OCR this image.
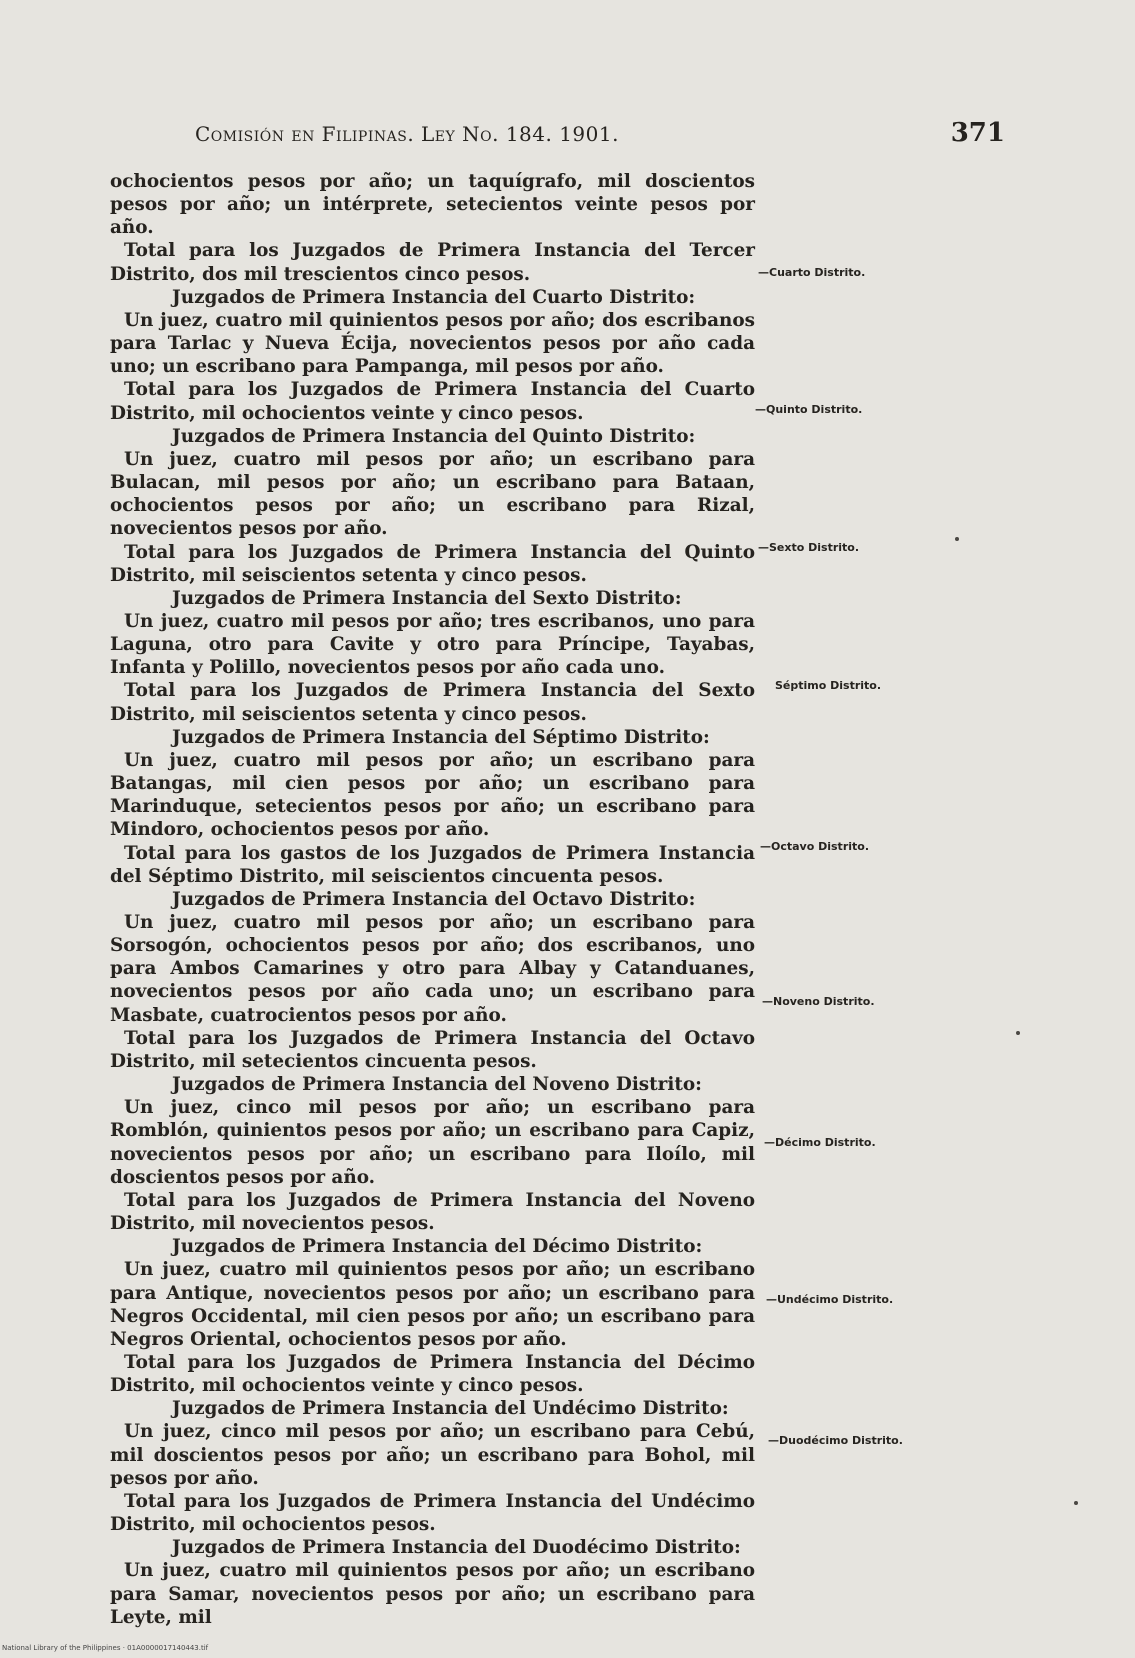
Comisión en Filipinas. Ley No. 184. 1901.	371

ochocientos pesos por año; un taquígrafo, mil doscientos pesos por año; un intérprete, setecientos veinte pesos por año.

Total para los Juzgados de Primera Instancia del Tercer Distrito, dos mil trescientos cinco pesos.

Juzgados de Primera Instancia del Cuarto Distrito:

Un juez, cuatro mil quinientos pesos por año; dos escribanos para Tarlac y Nueva Écija, novecientos pesos por año cada uno; un escribano para Pampanga, mil pesos por año.

Total para los Juzgados de Primera Instancia del Cuarto Distrito, mil ochocientos veinte y cinco pesos.

Juzgados de Primera Instancia del Quinto Distrito:

Un juez, cuatro mil pesos por año; un escribano para Bulacan, mil pesos por año; un escribano para Bataan, ochocientos pesos por año; un escribano para Rizal, novecientos pesos por año.

Total para los Juzgados de Primera Instancia del Quinto Distrito, mil seiscientos setenta y cinco pesos.

Juzgados de Primera Instancia del Sexto Distrito:

Un juez, cuatro mil pesos por año; tres escribanos, uno para Laguna, otro para Cavite y otro para Príncipe, Tayabas, Infanta y Polillo, novecientos pesos por año cada uno.

Total para los Juzgados de Primera Instancia del Sexto Distrito, mil seiscientos setenta y cinco pesos.

Juzgados de Primera Instancia del Séptimo Distrito:

Un juez, cuatro mil pesos por año; un escribano para Batangas, mil cien pesos por año; un escribano para Marinduque, setecientos pesos por año; un escribano para Mindoro, ochocientos pesos por año.

Total para los gastos de los Juzgados de Primera Instancia del Séptimo Distrito, mil seiscientos cincuenta pesos.

Juzgados de Primera Instancia del Octavo Distrito:

Un juez, cuatro mil pesos por año; un escribano para Sorsogón, ochocientos pesos por año; dos escribanos, uno para Ambos Camarines y otro para Albay y Catanduanes, novecientos pesos por año cada uno; un escribano para Masbate, cuatrocientos pesos por año.

Total para los Juzgados de Primera Instancia del Octavo Distrito, mil setecientos cincuenta pesos.

Juzgados de Primera Instancia del Noveno Distrito:

Un juez, cinco mil pesos por año; un escribano para Romblón, quinientos pesos por año; un escribano para Capiz, novecientos pesos por año; un escribano para Iloílo, mil doscientos pesos por año.

Total para los Juzgados de Primera Instancia del Noveno Distrito, mil novecientos pesos.

Juzgados de Primera Instancia del Décimo Distrito:

Un juez, cuatro mil quinientos pesos por año; un escribano para Antique, novecientos pesos por año; un escribano para Negros Occidental, mil cien pesos por año; un escribano para Negros Oriental, ochocientos pesos por año.

Total para los Juzgados de Primera Instancia del Décimo Distrito, mil ochocientos veinte y cinco pesos.

Juzgados de Primera Instancia del Undécimo Distrito:

Un juez, cinco mil pesos por año; un escribano para Cebú, mil doscientos pesos por año; un escribano para Bohol, mil pesos por año.

Total para los Juzgados de Primera Instancia del Undécimo Distrito, mil ochocientos pesos.

Juzgados de Primera Instancia del Duodécimo Distrito:

Un juez, cuatro mil quinientos pesos por año; un escribano para Samar, novecientos pesos por año; un escribano para Leyte, mil

—Cuarto Distrito.
—Quinto Distrito.
—Sexto Distrito.
Séptimo Distrito.
—Octavo Distrito.
—Noveno Distrito.
—Décimo Distrito.
—Undécimo Distrito.
—Duodécimo Distrito.
National Library of the Philippines · 01A0000017140443.tif
